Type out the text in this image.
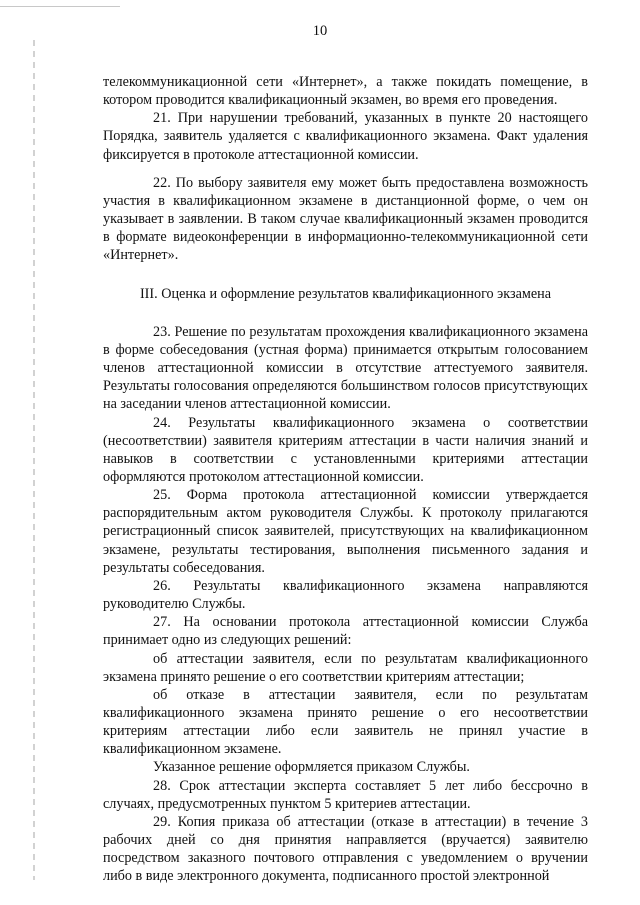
10

телекоммуникационной сети «Интернет», а также покидать помещение, в котором проводится квалификационный экзамен, во время его проведения.

21. При нарушении требований, указанных в пункте 20 настоящего Порядка, заявитель удаляется с квалификационного экзамена. Факт удаления фиксируется в протоколе аттестационной комиссии.

22. По выбору заявителя ему может быть предоставлена возможность участия в квалификационном экзамене в дистанционной форме, о чем он указывает в заявлении. В таком случае квалификационный экзамен проводится в формате видеоконференции в информационно-телекоммуникационной сети «Интернет».

III. Оценка и оформление результатов квалификационного экзамена

23. Решение по результатам прохождения квалификационного экзамена в форме собеседования (устная форма) принимается открытым голосованием членов аттестационной комиссии в отсутствие аттестуемого заявителя. Результаты голосования определяются большинством голосов присутствующих на заседании членов аттестационной комиссии.

24. Результаты квалификационного экзамена о соответствии (несоответствии) заявителя критериям аттестации в части наличия знаний и навыков в соответствии с установленными критериями аттестации оформляются протоколом аттестационной комиссии.

25. Форма протокола аттестационной комиссии утверждается распорядительным актом руководителя Службы. К протоколу прилагаются регистрационный список заявителей, присутствующих на квалификационном экзамене, результаты тестирования, выполнения письменного задания и результаты собеседования.

26. Результаты квалификационного экзамена направляются руководителю Службы.

27. На основании протокола аттестационной комиссии Служба принимает одно из следующих решений:

об аттестации заявителя, если по результатам квалификационного экзамена принято решение о его соответствии критериям аттестации;

об отказе в аттестации заявителя, если по результатам квалификационного экзамена принято решение о его несоответствии критериям аттестации либо если заявитель не принял участие в квалификационном экзамене.

Указанное решение оформляется приказом Службы.

28. Срок аттестации эксперта составляет 5 лет либо бессрочно в случаях, предусмотренных пунктом 5 критериев аттестации.

29. Копия приказа об аттестации (отказе в аттестации) в течение 3 рабочих дней со дня принятия направляется (вручается) заявителю посредством заказного почтового отправления с уведомлением о вручении либо в виде электронного документа, подписанного простой электронной
